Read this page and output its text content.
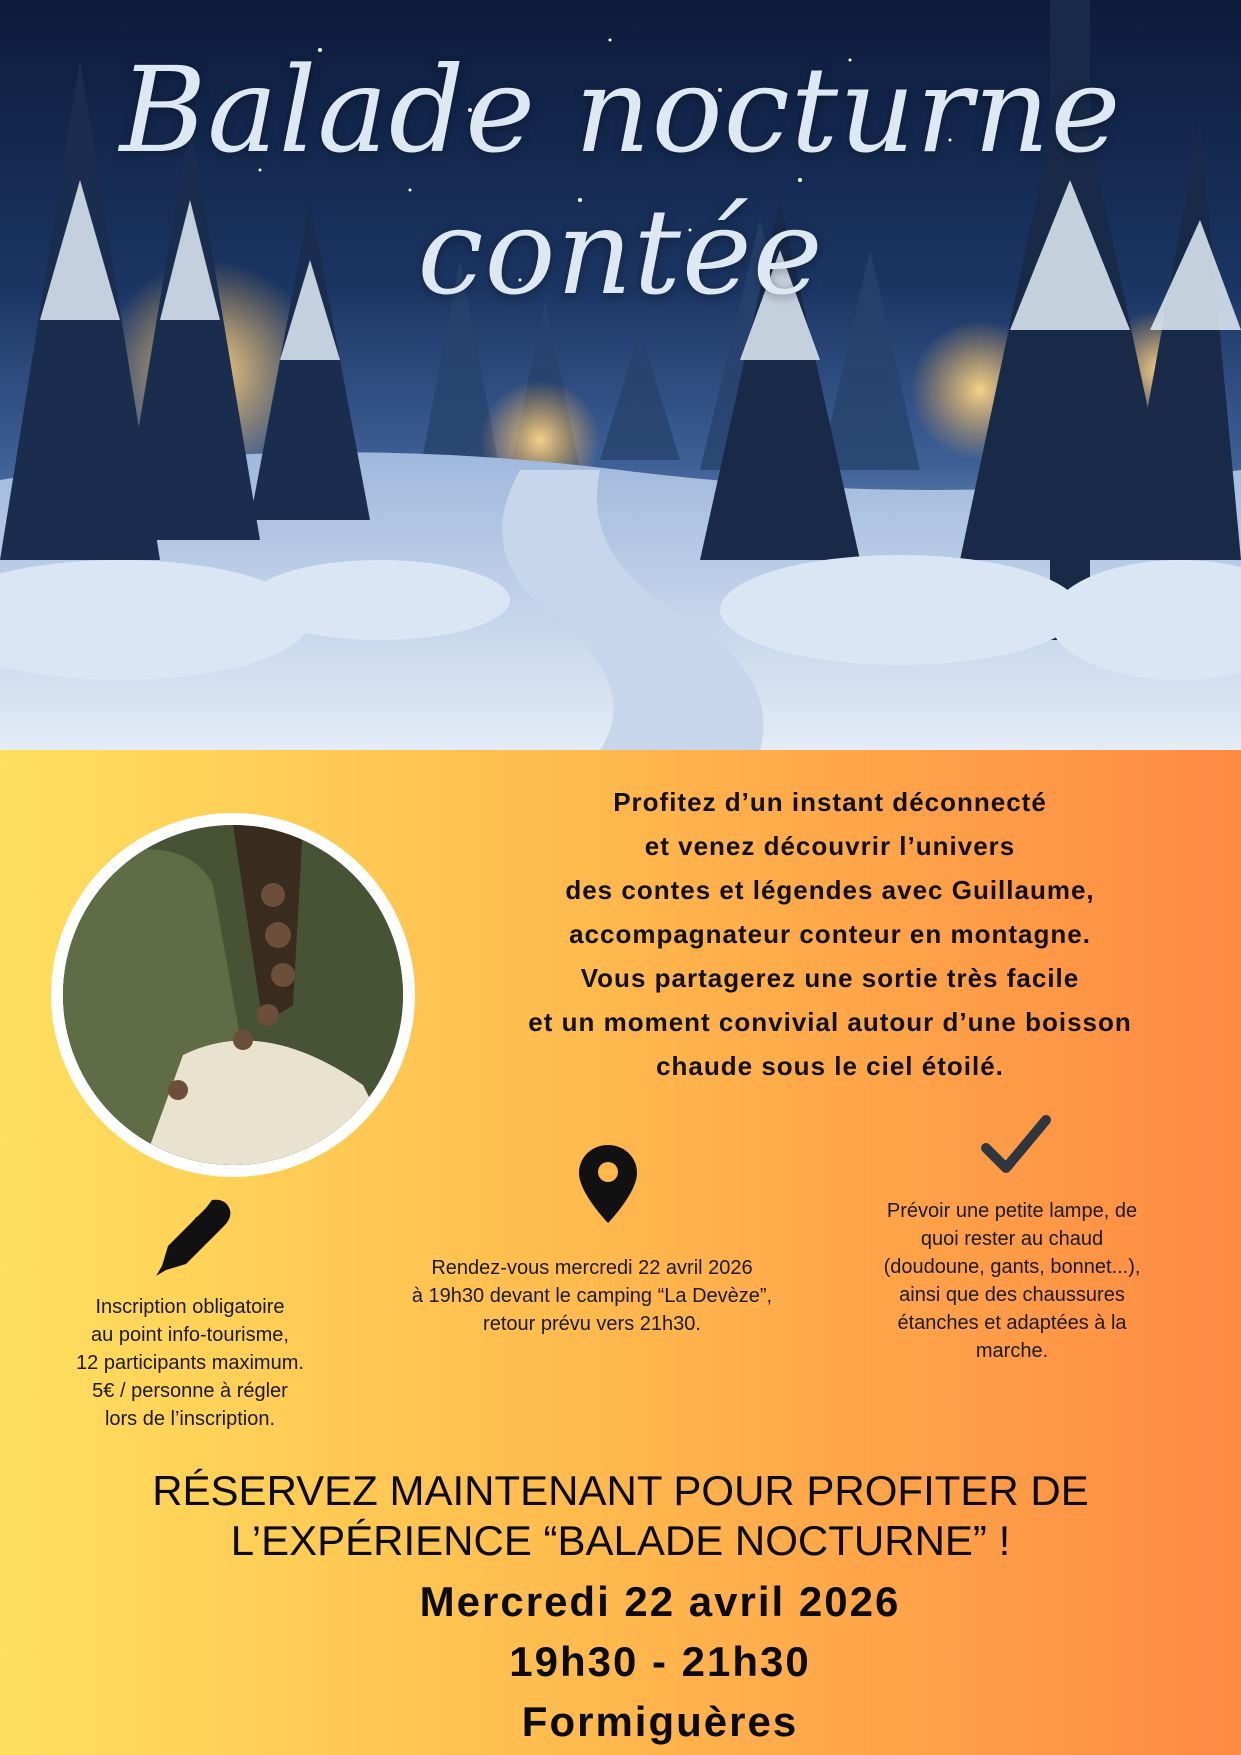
Balade nocturne contée
Profitez d’un instant déconnecté
et venez découvrir l’univers
des contes et légendes avec Guillaume,
accompagnateur conteur en montagne.
Vous partagerez une sortie très facile
et un moment convivial autour d’une boisson
chaude sous le ciel étoilé.
Inscription obligatoire
au point info-tourisme,
12 participants maximum.
5€ / personne à régler
lors de l’inscription.
Rendez-vous mercredi 22 avril 2026
à 19h30 devant le camping “La Devèze”,
retour prévu vers 21h30.
Prévoir une petite lampe, de
quoi rester au chaud
(doudoune, gants, bonnet...),
ainsi que des chaussures
étanches et adaptées à la
marche.
RÉSERVEZ MAINTENANT POUR PROFITER DE
L’EXPÉRIENCE “BALADE NOCTURNE” !
Mercredi 22 avril 2026
19h30 - 21h30
Formiguères
